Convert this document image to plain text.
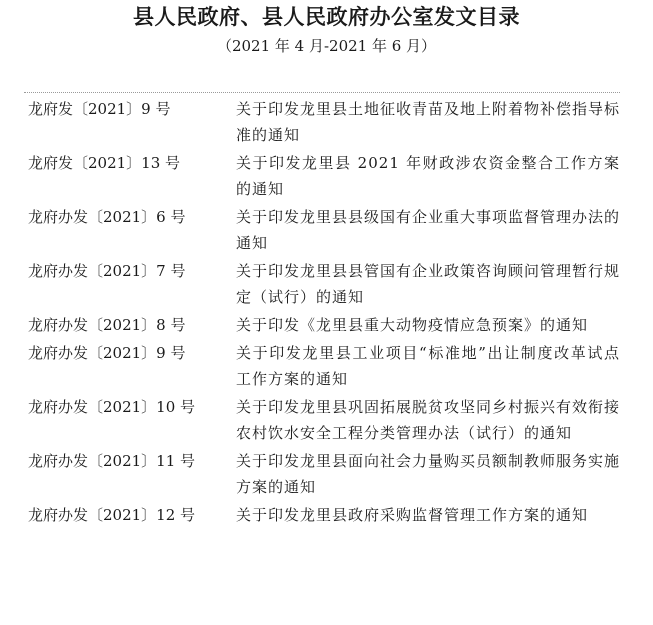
县人民政府、县人民政府办公室发文目录
（2021 年 4 月-2021 年 6 月）
龙府发〔2021〕9 号	关于印发龙里县土地征收青苗及地上附着物补偿指导标准的通知
龙府发〔2021〕13 号	关于印发龙里县 2021 年财政涉农资金整合工作方案的通知
龙府办发〔2021〕6 号	关于印发龙里县县级国有企业重大事项监督管理办法的通知
龙府办发〔2021〕7 号	关于印发龙里县县管国有企业政策咨询顾问管理暂行规定（试行）的通知
龙府办发〔2021〕8 号	关于印发《龙里县重大动物疫情应急预案》的通知
龙府办发〔2021〕9 号	关于印发龙里县工业项目“标准地”出让制度改革试点工作方案的通知
龙府办发〔2021〕10 号	关于印发龙里县巩固拓展脱贫攻坚同乡村振兴有效衔接农村饮水安全工程分类管理办法（试行）的通知
龙府办发〔2021〕11 号	关于印发龙里县面向社会力量购买员额制教师服务实施方案的通知
龙府办发〔2021〕12 号	关于印发龙里县政府采购监督管理工作方案的通知
